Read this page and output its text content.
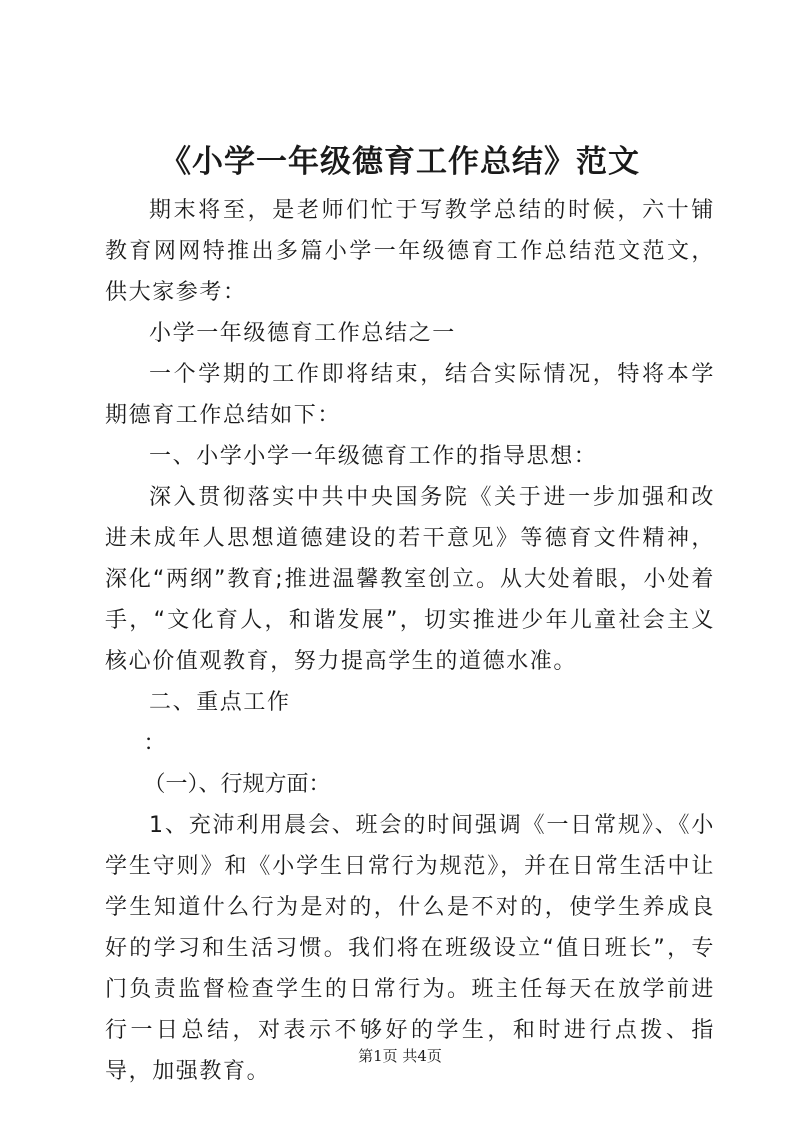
《小学一年级德育工作总结》范文

期末将至，是老师们忙于写教学总结的时候，六十铺教育网网特推出多篇小学一年级德育工作总结范文范文，供大家参考：

小学一年级德育工作总结之一

一个学期的工作即将结束，结合实际情况，特将本学期德育工作总结如下：

一、小学小学一年级德育工作的指导思想：

深入贯彻落实中共中央国务院《关于进一步加强和改进未成年人思想道德建设的若干意见》等德育文件精神，深化“两纲”教育;推进温馨教室创立。从大处着眼，小处着手，“文化育人，和谐发展”，切实推进少年儿童社会主义核心价值观教育，努力提高学生的道德水准。

二、重点工作

：

（一）、行规方面：

1、充沛利用晨会、班会的时间强调《一日常规》、《小学生守则》和《小学生日常行为规范》，并在日常生活中让学生知道什么行为是对的，什么是不对的，使学生养成良好的学习和生活习惯。我们将在班级设立“值日班长”，专门负责监督检查学生的日常行为。班主任每天在放学前进行一日总结，对表示不够好的学生，和时进行点拨、指导，加强教育。

第1页 共4页
